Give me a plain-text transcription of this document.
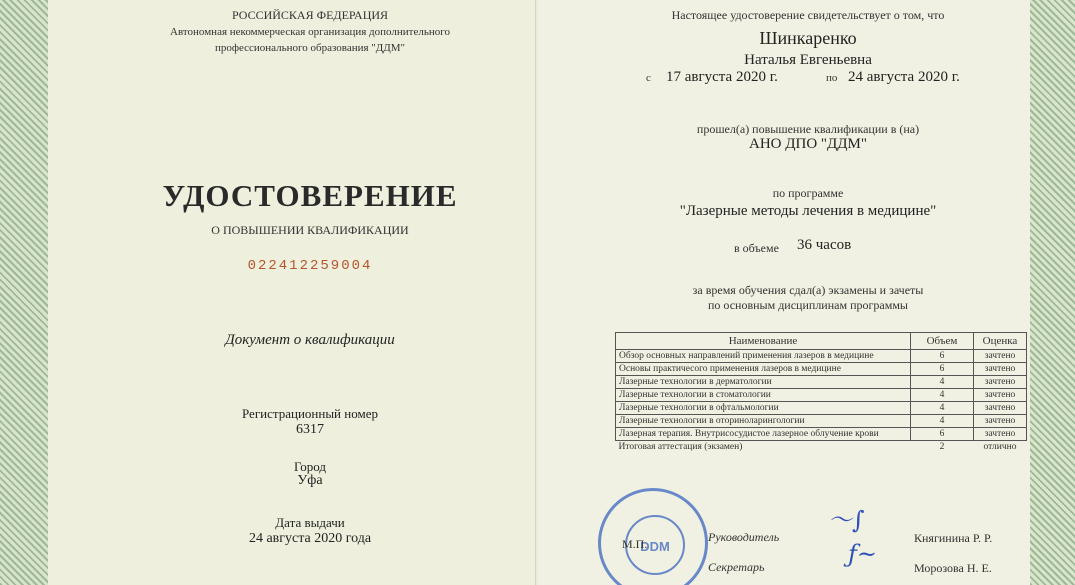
РОССИЙСКАЯ ФЕДЕРАЦИЯ
Автономная некоммерческая организация дополнительного
профессионального образования "ДДМ"
УДОСТОВЕРЕНИЕ
О ПОВЫШЕНИИ КВАЛИФИКАЦИИ
022412259004
Документ о квалификации
Регистрационный номер
6317
Город
Уфа
Дата выдачи
24 августа 2020 года
Настоящее удостоверение свидетельствует о том, что
Шинкаренко
Наталья Евгеньевна
с 17 августа 2020 г.	по 24 августа 2020 г.
прошел(а) повышение квалификации в (на)
АНО ДПО "ДДМ"
по программе
"Лазерные методы лечения в медицине"
в объеме 36 часов
за время обучения сдал(а) экзамены и зачеты
по основным дисциплинам программы
Наименование	Объем	Оценка
Обзор основных направлений применения лазеров в медицине	6	зачтено
Основы практичесого применения лазеров в медицине	6	зачтено
Лазерные технологии в дерматологии	4	зачтено
Лазерные технологии в стоматологии	4	зачтено
Лазерные технологии в офтальмологии	4	зачтено
Лазерные технологии в оториноларингологии	4	зачтено
Лазерная терапия. Внутрисосудистое лазерное облучение крови	6	зачтено
Итоговая аттестация (экзамен)	2	отлично
DDM
М.П.	Руководитель
〜∫
Княгинина Р. Р.
Секретарь	ƒ~	Морозова Н. Е.
